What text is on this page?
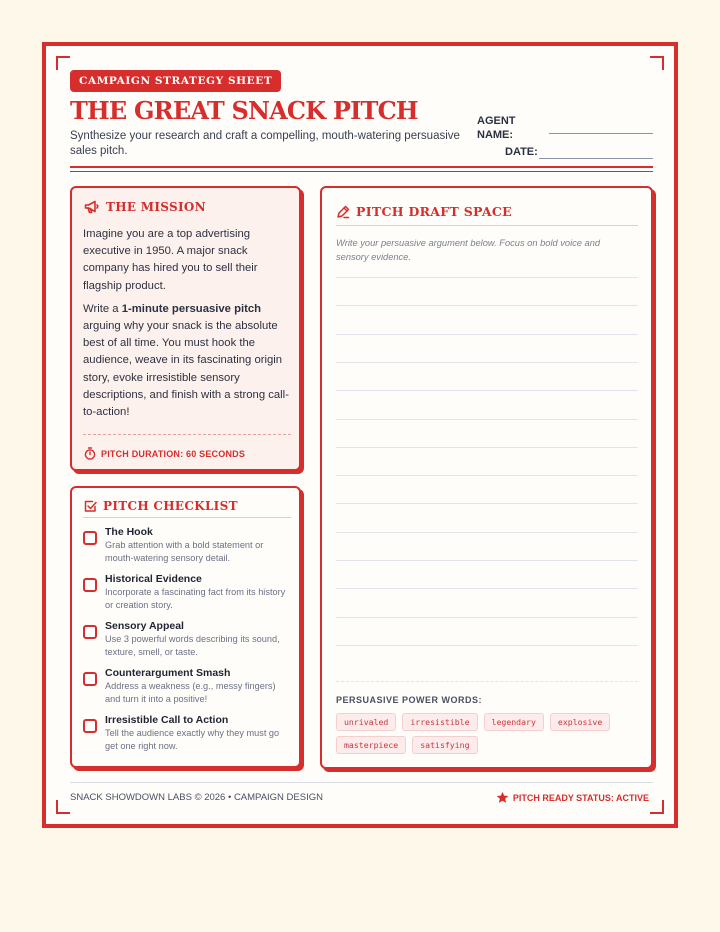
CAMPAIGN STRATEGY SHEET
THE GREAT SNACK PITCH
Synthesize your research and craft a compelling, mouth-watering persuasive sales pitch.
AGENT NAME:
DATE:
THE MISSION

Imagine you are a top advertising executive in 1950. A major snack company has hired you to sell their flagship product.

Write a 1-minute persuasive pitch arguing why your snack is the absolute best of all time. You must hook the audience, weave in its fascinating origin story, evoke irresistible sensory descriptions, and finish with a strong call-to-action!

PITCH DURATION: 60 SECONDS
PITCH CHECKLIST
The Hook
Grab attention with a bold statement or mouth-watering sensory detail.
Historical Evidence
Incorporate a fascinating fact from its history or creation story.
Sensory Appeal
Use 3 powerful words describing its sound, texture, smell, or taste.
Counterargument Smash
Address a weakness (e.g., messy fingers) and turn it into a positive!
Irresistible Call to Action
Tell the audience exactly why they must go get one right now.
PITCH DRAFT SPACE
Write your persuasive argument below. Focus on bold voice and sensory evidence.
PERSUASIVE POWER WORDS:
unrivaled	irresistible	legendary	explosive
masterpiece	satisfying
SNACK SHOWDOWN LABS © 2026 • CAMPAIGN DESIGN	PITCH READY STATUS: ACTIVE
